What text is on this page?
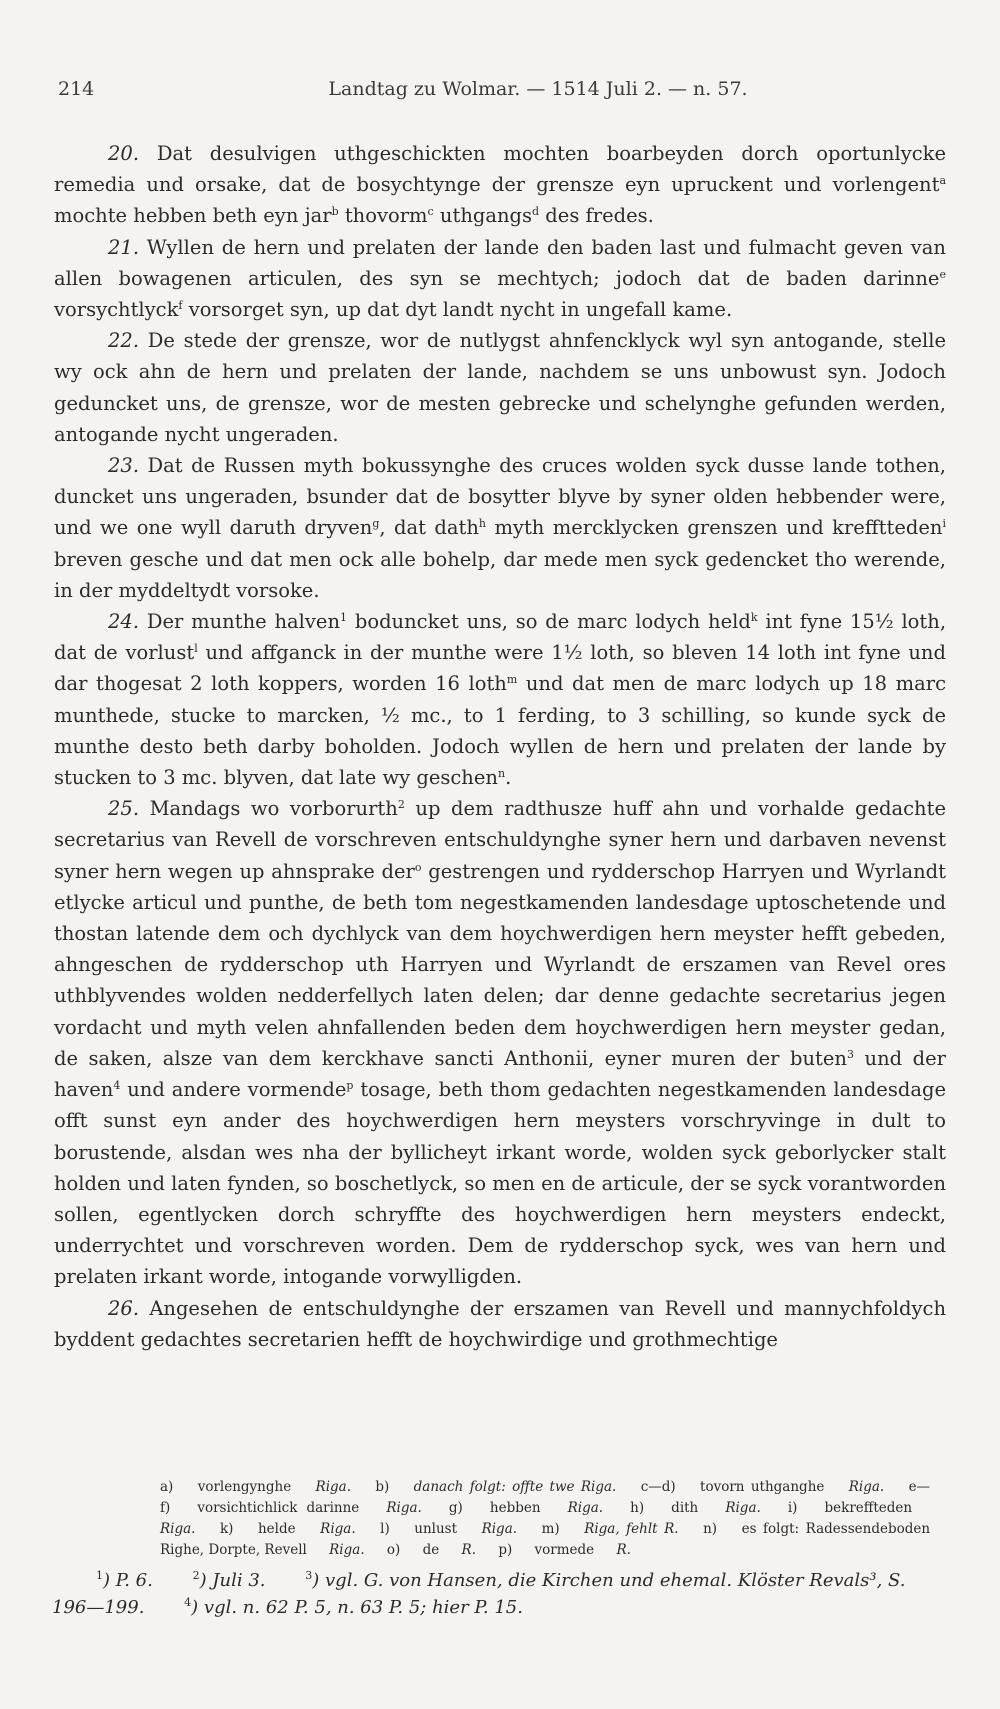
214	Landtag zu Wolmar. — 1514 Juli 2. — n. 57.

20. Dat desulvigen uthgeschickten mochten boarbeyden dorch oportunlycke remedia und orsake, dat de bosychtynge der grensze eyn upruckent und vorlengent$^a$ mochte hebben beth eyn jar$^b$ thovorm$^c$ uthgangs$^d$ des fredes.

21. Wyllen de hern und prelaten der lande den baden last und fulmacht geven van allen bowagenen articulen, des syn se mechtych; jodoch dat de baden darinne$^e$ vorsychtlyck$^f$ vorsorget syn, up dat dyt landt nycht in ungefall kame.

22. De stede der grensze, wor de nutlygst ahnfencklyck wyl syn antogande, stelle wy ock ahn de hern und prelaten der lande, nachdem se uns unbowust syn. Jodoch geduncket uns, de grensze, wor de mesten gebrecke und schelynghe gefunden werden, antogande nycht ungeraden.

23. Dat de Russen myth bokussynghe des cruces wolden syck dusse lande tothen, duncket uns ungeraden, bsunder dat de bosytter blyve by syner olden hebbender were, und we one wyll daruth dryven$^g$, dat dath$^h$ myth mercklycken grenszen und krefftteden$^i$ breven gesche und dat men ock alle bohelp, dar mede men syck gedencket tho werende, in der myddeltydt vorsoke.

24. Der munthe halven$^1$ boduncket uns, so de marc lodych held$^k$ int fyne 15½ loth, dat de vorlust$^l$ und affganck in der munthe were 1½ loth, so bleven 14 loth int fyne und dar thogesat 2 loth koppers, worden 16 loth$^m$ und dat men de marc lodych up 18 marc munthede, stucke to marcken, ½ mc., to 1 ferding, to 3 schilling, so kunde syck de munthe desto beth darby boholden. Jodoch wyllen de hern und prelaten der lande by stucken to 3 mc. blyven, dat late wy geschen$^n$.

25. Mandags wo vorborurth$^2$ up dem radthusze huff ahn und vorhalde gedachte secretarius van Revell de vorschreven entschuldynghe syner hern und darbaven nevenst syner hern wegen up ahnsprake der$^o$ gestrengen und rydderschop Harryen und Wyrlandt etlycke articul und punthe, de beth tom negestkamenden landesdage uptoschetende und thostan latende dem och dychlyck van dem hoychwerdigen hern meyster hefft gebeden, ahngeschen de rydderschop uth Harryen und Wyrlandt de erszamen van Revel ores uthblyvendes wolden nedderfellych laten delen; dar denne gedachte secretarius jegen vordacht und myth velen ahnfallenden beden dem hoychwerdigen hern meyster gedan, de saken, alsze van dem kerckhave sancti Anthonii, eyner muren der buten$^3$ und der haven$^4$ und andere vormende$^p$ tosage, beth thom gedachten negestkamenden landesdage offt sunst eyn ander des hoychwerdigen hern meysters vorschryvinge in dult to borustende, alsdan wes nha der byllicheyt irkant worde, wolden syck geborlycker stalt holden und laten fynden, so boschetlyck, so men en de articule, der se syck vorantworden sollen, egentlycken dorch schryffte des hoychwerdigen hern meysters endeckt, underrychtet und vorschreven worden. Dem de rydderschop syck, wes van hern und prelaten irkant worde, intogande vorwylligden.

26. Angesehen de entschuldynghe der erszamen van Revell und mannychfoldych byddent gedachtes secretarien hefft de hoychwirdige und grothmechtige

a) vorlengynghe Riga. b) danach folgt: offte twe Riga. c—d) tovorn uthganghe Riga. e—f) vorsichtichlick darinne Riga. g) hebben Riga. h) dith Riga. i) bekreffteden Riga. k) helde Riga. l) unlust Riga. m) Riga, fehlt R. n) es folgt: Radessendeboden Righe, Dorpte, Revell Riga. o) de R. p) vormede R.

$^1$) P. 6.	$^2$) Juli 3.	$^3$) vgl. G. von Hansen, die Kirchen und ehemal. Klöster Revals³, S. 196—199.	$^4$) vgl. n. 62 P. 5, n. 63 P. 5; hier P. 15.
